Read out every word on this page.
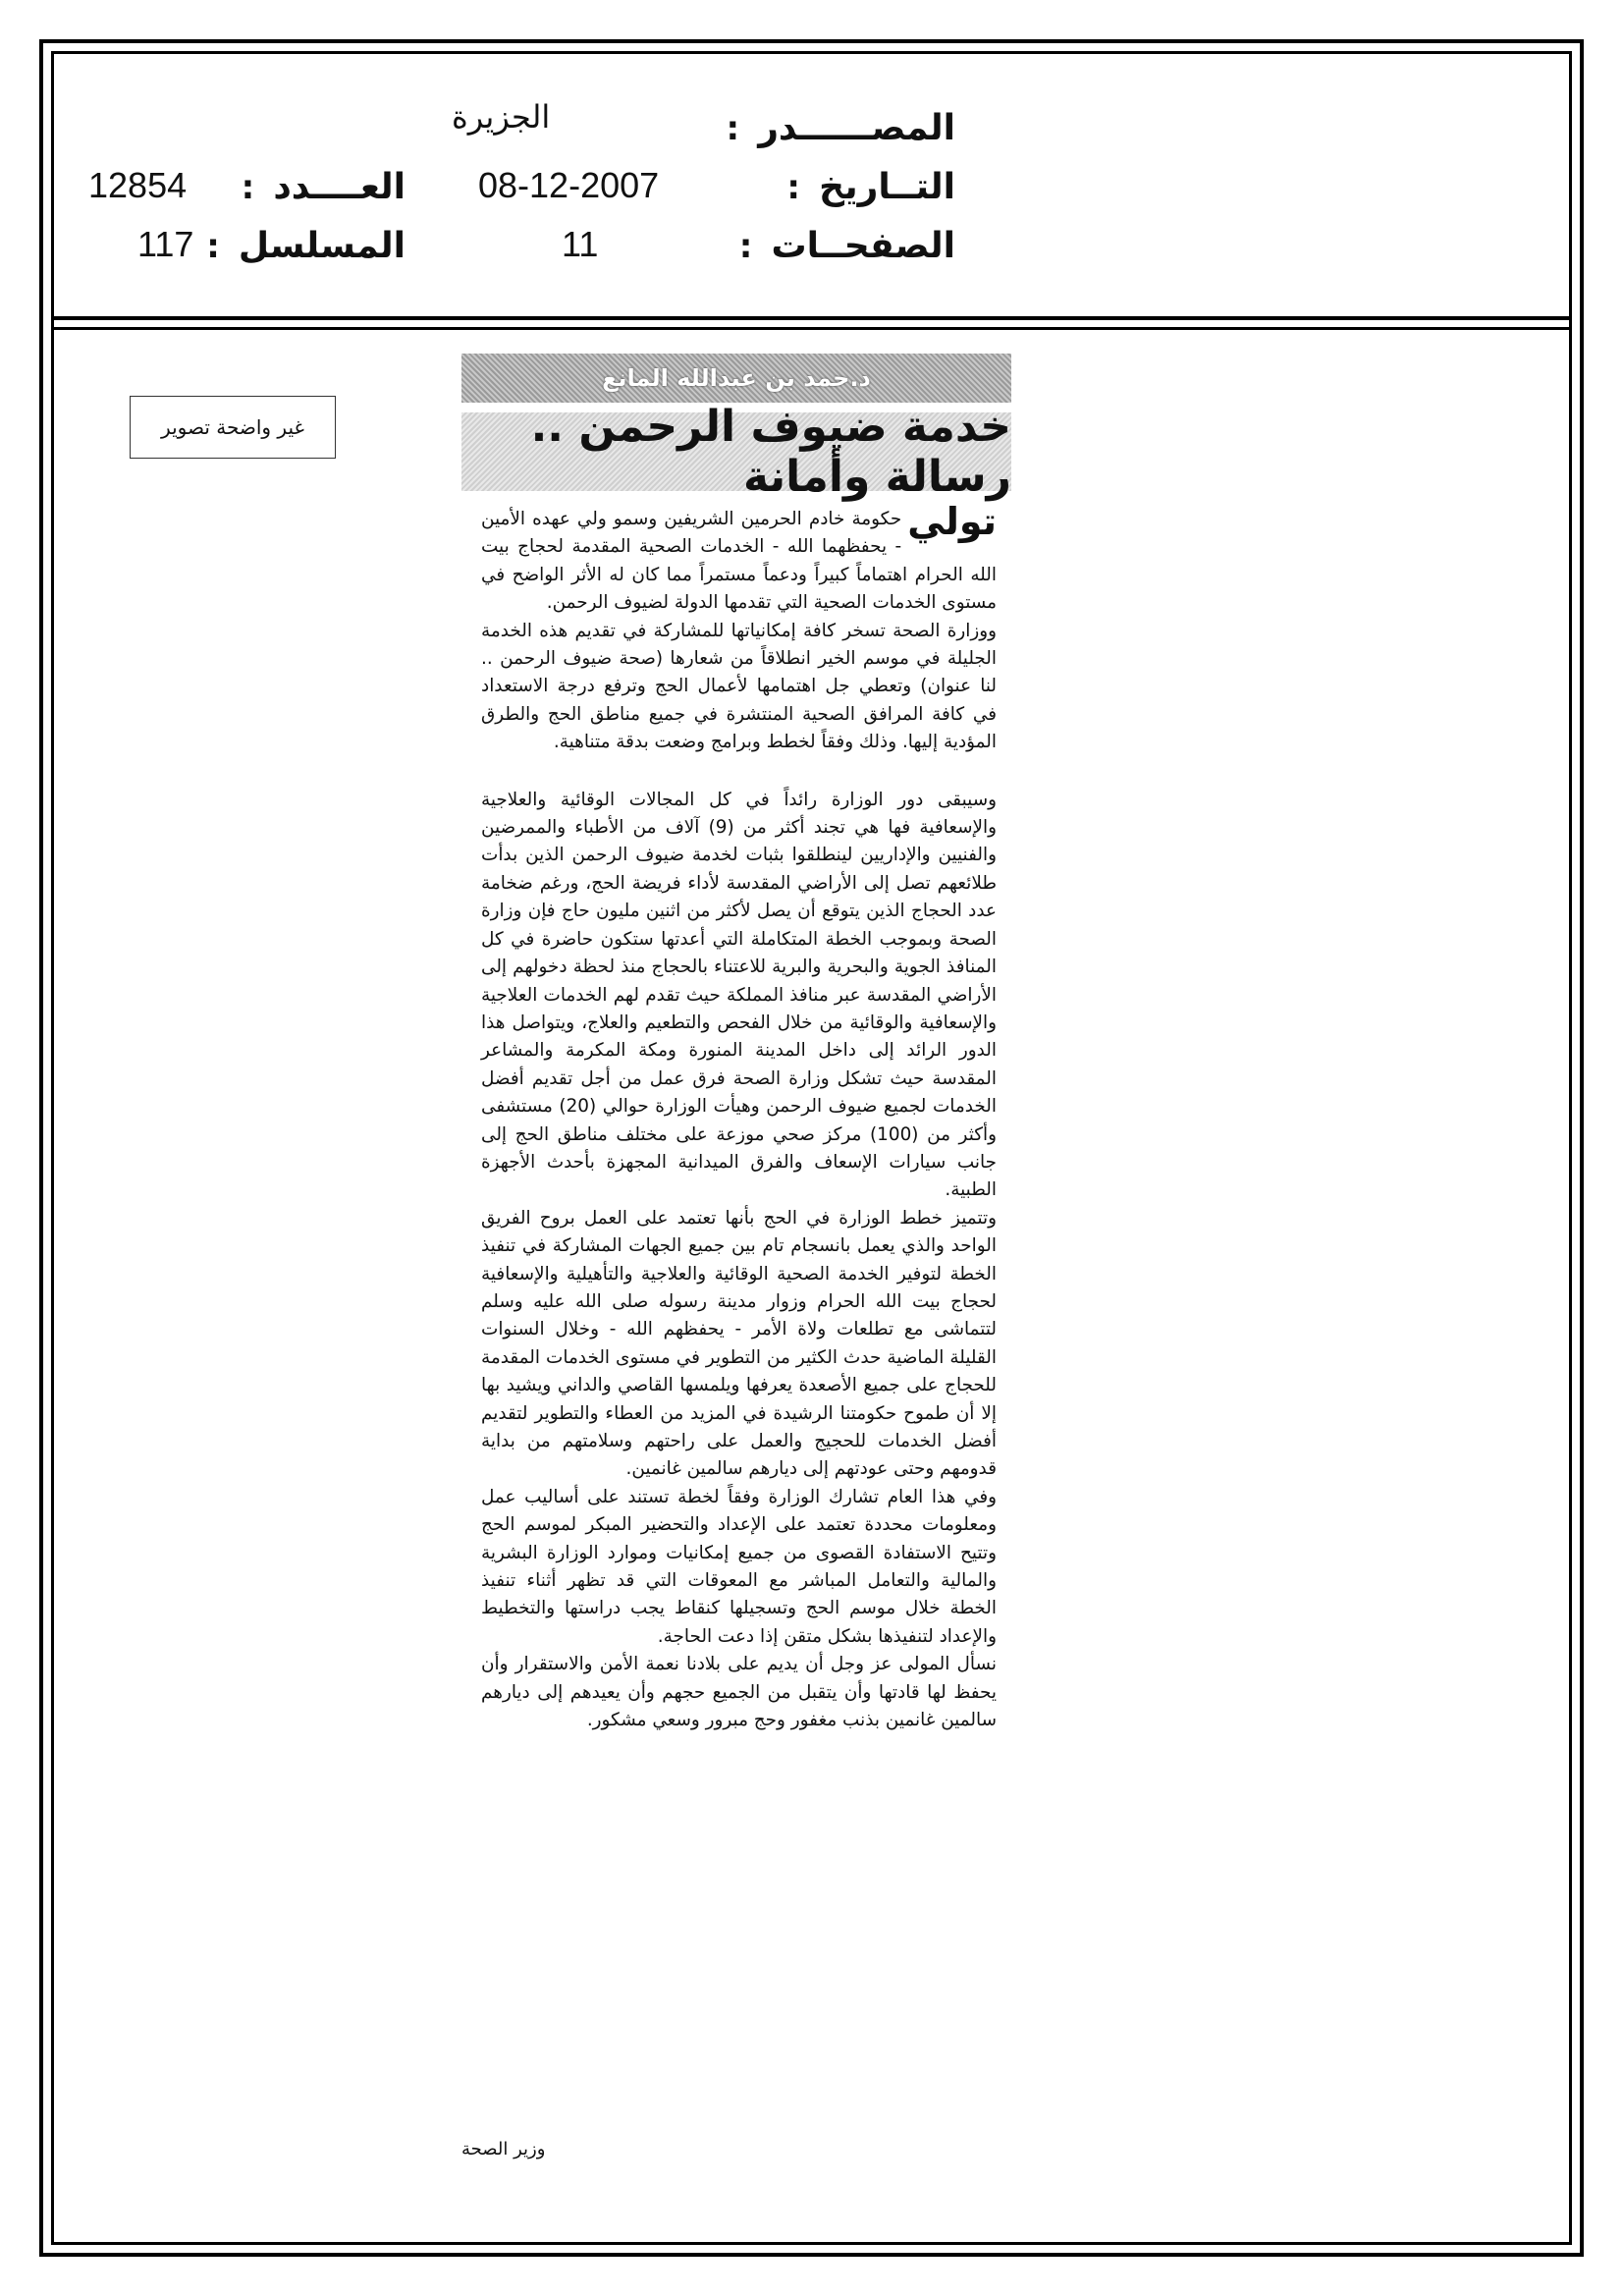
المصــــــدر :
الجزيرة
التــاريخ :
08-12-2007
الصفحــات :
11
العــــدد :
12854
المسلسل :
117
غير واضحة تصوير
د.حمد بن عبدالله المانع
خدمة ضيوف الرحمن .. رسالة وأمانة

تولي
حكومة خادم الحرمين الشريفين وسمو ولي عهده الأمين - يحفظهما الله - الخدمات الصحية المقدمة لحجاج بيت الله الحرام اهتماماً كبيراً ودعماً مستمراً مما كان له الأثر الواضح في مستوى الخدمات الصحية التي تقدمها الدولة لضيوف الرحمن.

ووزارة الصحة تسخر كافة إمكانياتها للمشاركة في تقديم هذه الخدمة الجليلة في موسم الخير انطلاقاً من شعارها (صحة ضيوف الرحمن .. لنا عنوان) وتعطي جل اهتمامها لأعمال الحج وترفع درجة الاستعداد في كافة المرافق الصحية المنتشرة في جميع مناطق الحج والطرق المؤدية إليها. وذلك وفقاً لخطط وبرامج وضعت بدقة متناهية.

وسيبقى دور الوزارة رائداً في كل المجالات الوقائية والعلاجية والإسعافية فها هي تجند أكثر من (9) آلاف من الأطباء والممرضين والفنيين والإداريين لينطلقوا بثبات لخدمة ضيوف الرحمن الذين بدأت طلائعهم تصل إلى الأراضي المقدسة لأداء فريضة الحج، ورغم ضخامة عدد الحجاج الذين يتوقع أن يصل لأكثر من اثنين مليون حاج فإن وزارة الصحة وبموجب الخطة المتكاملة التي أعدتها ستكون حاضرة في كل المنافذ الجوية والبحرية والبرية للاعتناء بالحجاج منذ لحظة دخولهم إلى الأراضي المقدسة عبر منافذ المملكة حيث تقدم لهم الخدمات العلاجية والإسعافية والوقائية من خلال الفحص والتطعيم والعلاج، ويتواصل هذا الدور الرائد إلى داخل المدينة المنورة ومكة المكرمة والمشاعر المقدسة حيث تشكل وزارة الصحة فرق عمل من أجل تقديم أفضل الخدمات لجميع ضيوف الرحمن وهيأت الوزارة حوالي (20) مستشفى وأكثر من (100) مركز صحي موزعة على مختلف مناطق الحج إلى جانب سيارات الإسعاف والفرق الميدانية المجهزة بأحدث الأجهزة الطبية.

وتتميز خطط الوزارة في الحج بأنها تعتمد على العمل بروح الفريق الواحد والذي يعمل بانسجام تام بين جميع الجهات المشاركة في تنفيذ الخطة لتوفير الخدمة الصحية الوقائية والعلاجية والتأهيلية والإسعافية لحجاج بيت الله الحرام وزوار مدينة رسوله صلى الله عليه وسلم لتتماشى مع تطلعات ولاة الأمر - يحفظهم الله - وخلال السنوات القليلة الماضية حدث الكثير من التطوير في مستوى الخدمات المقدمة للحجاج على جميع الأصعدة يعرفها ويلمسها القاصي والداني ويشيد بها إلا أن طموح حكومتنا الرشيدة في المزيد من العطاء والتطوير لتقديم أفضل الخدمات للحجيج والعمل على راحتهم وسلامتهم من بداية قدومهم وحتى عودتهم إلى ديارهم سالمين غانمين.

وفي هذا العام تشارك الوزارة وفقاً لخطة تستند على أساليب عمل ومعلومات محددة تعتمد على الإعداد والتحضير المبكر لموسم الحج وتتيح الاستفادة القصوى من جميع إمكانيات وموارد الوزارة البشرية والمالية والتعامل المباشر مع المعوقات التي قد تظهر أثناء تنفيذ الخطة خلال موسم الحج وتسجيلها كنقاط يجب دراستها والتخطيط والإعداد لتنفيذها بشكل متقن إذا دعت الحاجة.

نسأل المولى عز وجل أن يديم على بلادنا نعمة الأمن والاستقرار وأن يحفظ لها قادتها وأن يتقبل من الجميع حجهم وأن يعيدهم إلى ديارهم سالمين غانمين بذنب مغفور وحج مبرور وسعي مشكور.

وزير الصحة
